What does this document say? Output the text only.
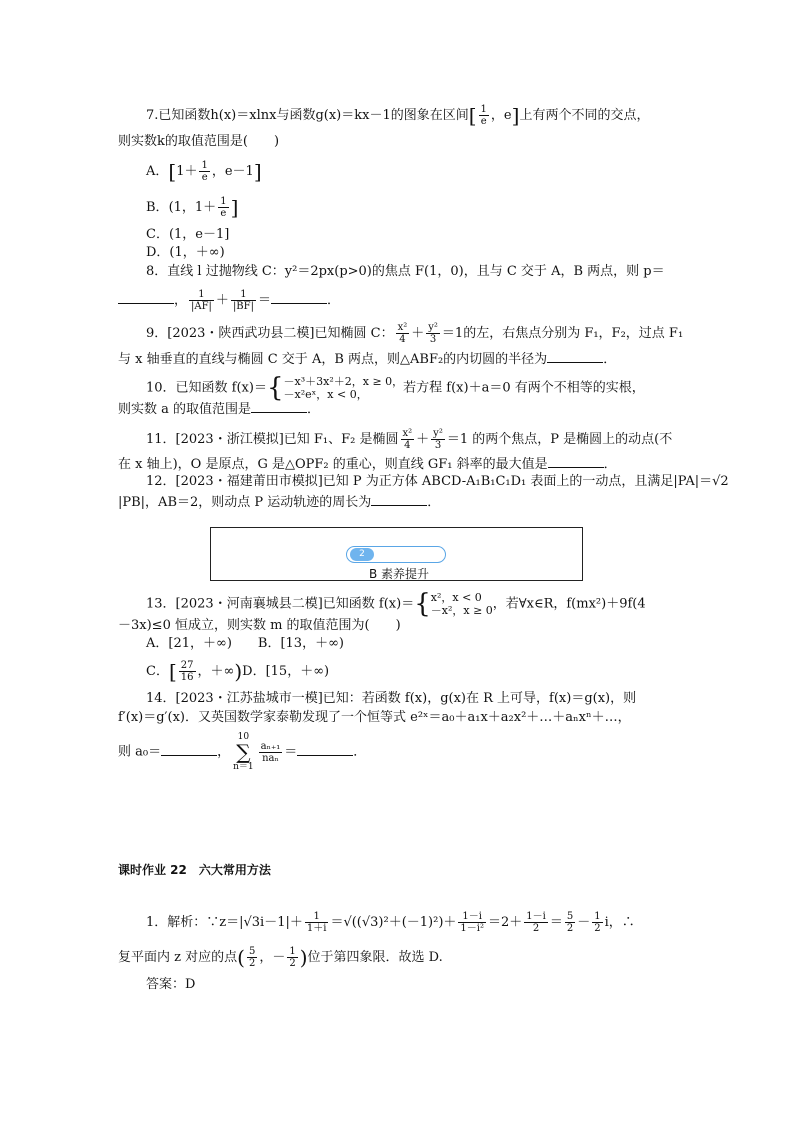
7.已知函数h(x)＝xlnx与函数g(x)＝kx－1的图象在区间[ $\frac{1}{e}$ ，e]上有两个不同的交点，
则实数k的取值范围是(　　)
A．[$1+ \frac{1}{e}$ ，e－1]
B．(1，$1+ \frac{1}{e}$ ]
C．(1，e－1]
D．(1，＋∞)
8．直线 l 过抛物线 C：y²＝2px(p>0)的焦点 F(1，0)，且与 C 交于 A，B 两点，则 p＝
， $\frac{1}{|AF|} + \frac{1}{|BF|}$ ＝	．
9．[2023・陕西武功县二模]已知椭圆 C： $\frac{\text{x²}}{4} + \frac{\text{y²}}{3} =1$的左，右焦点分别为 F₁，F₂，过点 F₁
与 x 轴垂直的直线与椭圆 C 交于 A，B 两点，则△ABF₂的内切圆的半径为	．
10．已知函数 f(x)＝{ －x³＋3x²＋2，x ≥ 0，
－x²eˣ，x < 0，	若方程 f(x)＋a＝0 有两个不相等的实根，
则实数 a 的取值范围是	．
11．[2023・浙江模拟]已知 F₁、F₂ 是椭圆 $\frac{\text{x²}}{4} + \frac{\text{y²}}{3} =1$ 的两个焦点，P 是椭圆上的动点(不
在 x 轴上)，O 是原点，G 是△OPF₂ 的重心，则直线 GF₁ 斜率的最大值是	．
12．[2023・福建莆田市模拟]已知 P 为正方体 ABCD-A₁B₁C₁D₁ 表面上的一动点，且满足|PA|＝√2
|PB|，AB＝2，则动点 P 运动轨迹的周长为	．
2
B 素养提升
13．[2023・河南襄城县二模]已知函数 f(x)＝{ x²，x < 0
－x²，x ≥ 0 ，若∀x∈R，f(mx²)＋9f(4
－3x)≤0 恒成立，则实数 m 的取值范围为(　　)
A．[21，＋∞)　　B．[13，＋∞)
C．[ $\frac{27}{16}$ ，＋∞)D．[15，＋∞)
14．[2023・江苏盐城市一模]已知：若函数 f(x)，g(x)在 R 上可导，f(x)＝g(x)，则
f′(x)＝g′(x)．又英国数学家泰勒发现了一个恒等式 e²ˣ＝a₀＋a₁x＋a₂x²＋…＋aₙxⁿ＋…，
则 a₀＝	，
10
∑
n＝1
$\frac{\text{aₙ₊₁}}{\text{naₙ}}$ ＝	．
课时作业 22　六大常用方法
1．解析：∵z＝|√3i－1|＋ $\frac{1}{1+i} =√((√3)^2+(-1)^2)+ \frac{1-i}{\text{1－i²}} =2+ \frac{1-i}{2} = \frac{5}{2} - \frac{1}{2}$ i，∴
复平面内 z 对应的点( $\frac{5}{2}$ ，－ $\frac{1}{2}$ )位于第四象限．故选 D.
答案：D
